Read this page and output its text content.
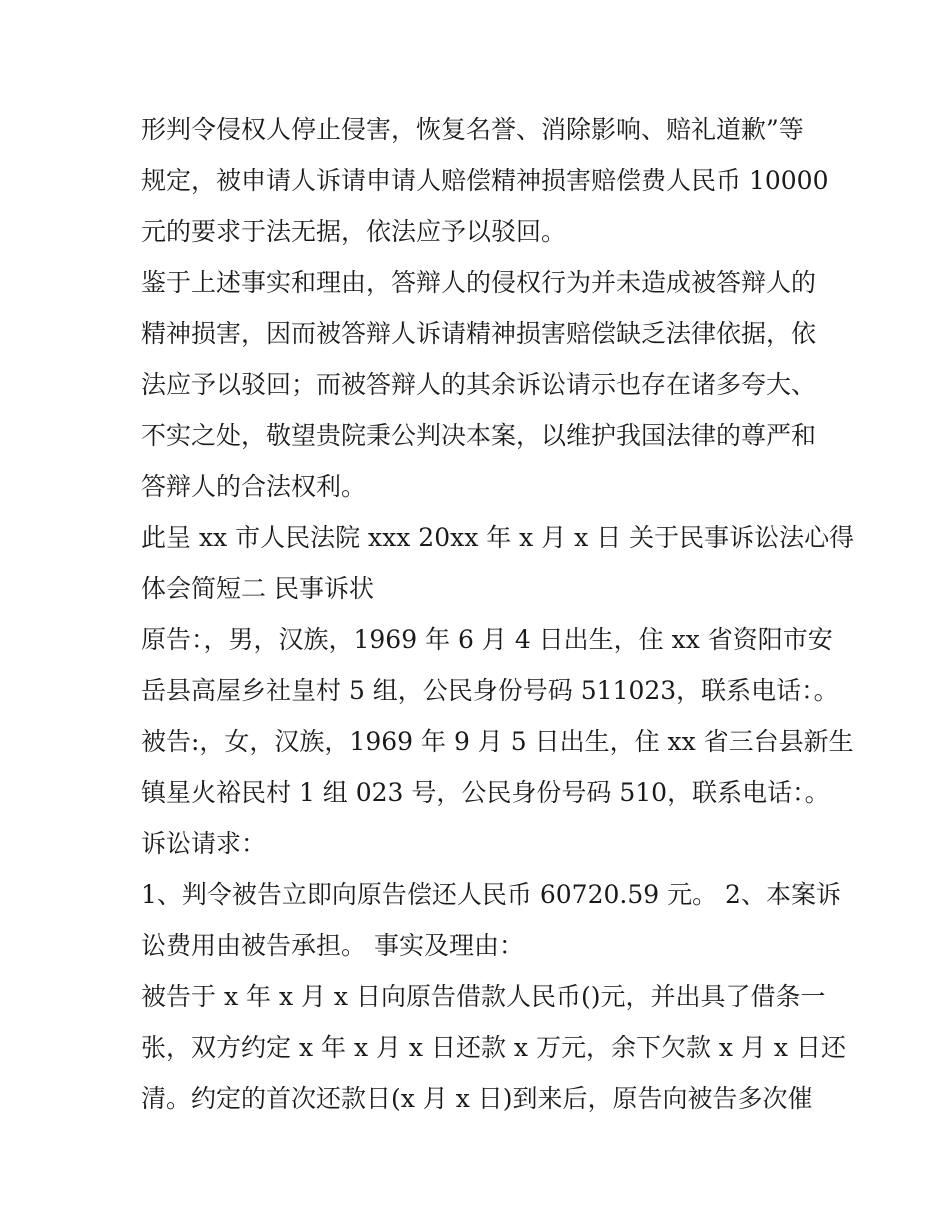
形判令侵权人停止侵害，恢复名誉、消除影响、赔礼道歉”等
规定，被申请人诉请申请人赔偿精神损害赔偿费人民币 10000
元的要求于法无据，依法应予以驳回。
鉴于上述事实和理由，答辩人的侵权行为并未造成被答辩人的
精神损害，因而被答辩人诉请精神损害赔偿缺乏法律依据，依
法应予以驳回；而被答辩人的其余诉讼请示也存在诸多夸大、
不实之处，敬望贵院秉公判决本案，以维护我国法律的尊严和
答辩人的合法权利。
此呈 xx 市人民法院 xxx 20xx 年 x 月 x 日 关于民事诉讼法心得
体会简短二 民事诉状
原告：，男，汉族，1969 年 6 月 4 日出生，住 xx 省资阳市安
岳县高屋乡社皇村 5 组，公民身份号码 511023，联系电话：。
被告:，女，汉族，1969 年 9 月 5 日出生，住 xx 省三台县新生
镇星火裕民村 1 组 023 号，公民身份号码 510，联系电话：。
诉讼请求：
1、判令被告立即向原告偿还人民币 60720.59 元。 2、本案诉
讼费用由被告承担。 事实及理由：
被告于 x 年 x 月 x 日向原告借款人民币()元，并出具了借条一
张，双方约定 x 年 x 月 x 日还款 x 万元，余下欠款 x 月 x 日还
清。约定的首次还款日(x 月 x 日)到来后，原告向被告多次催
